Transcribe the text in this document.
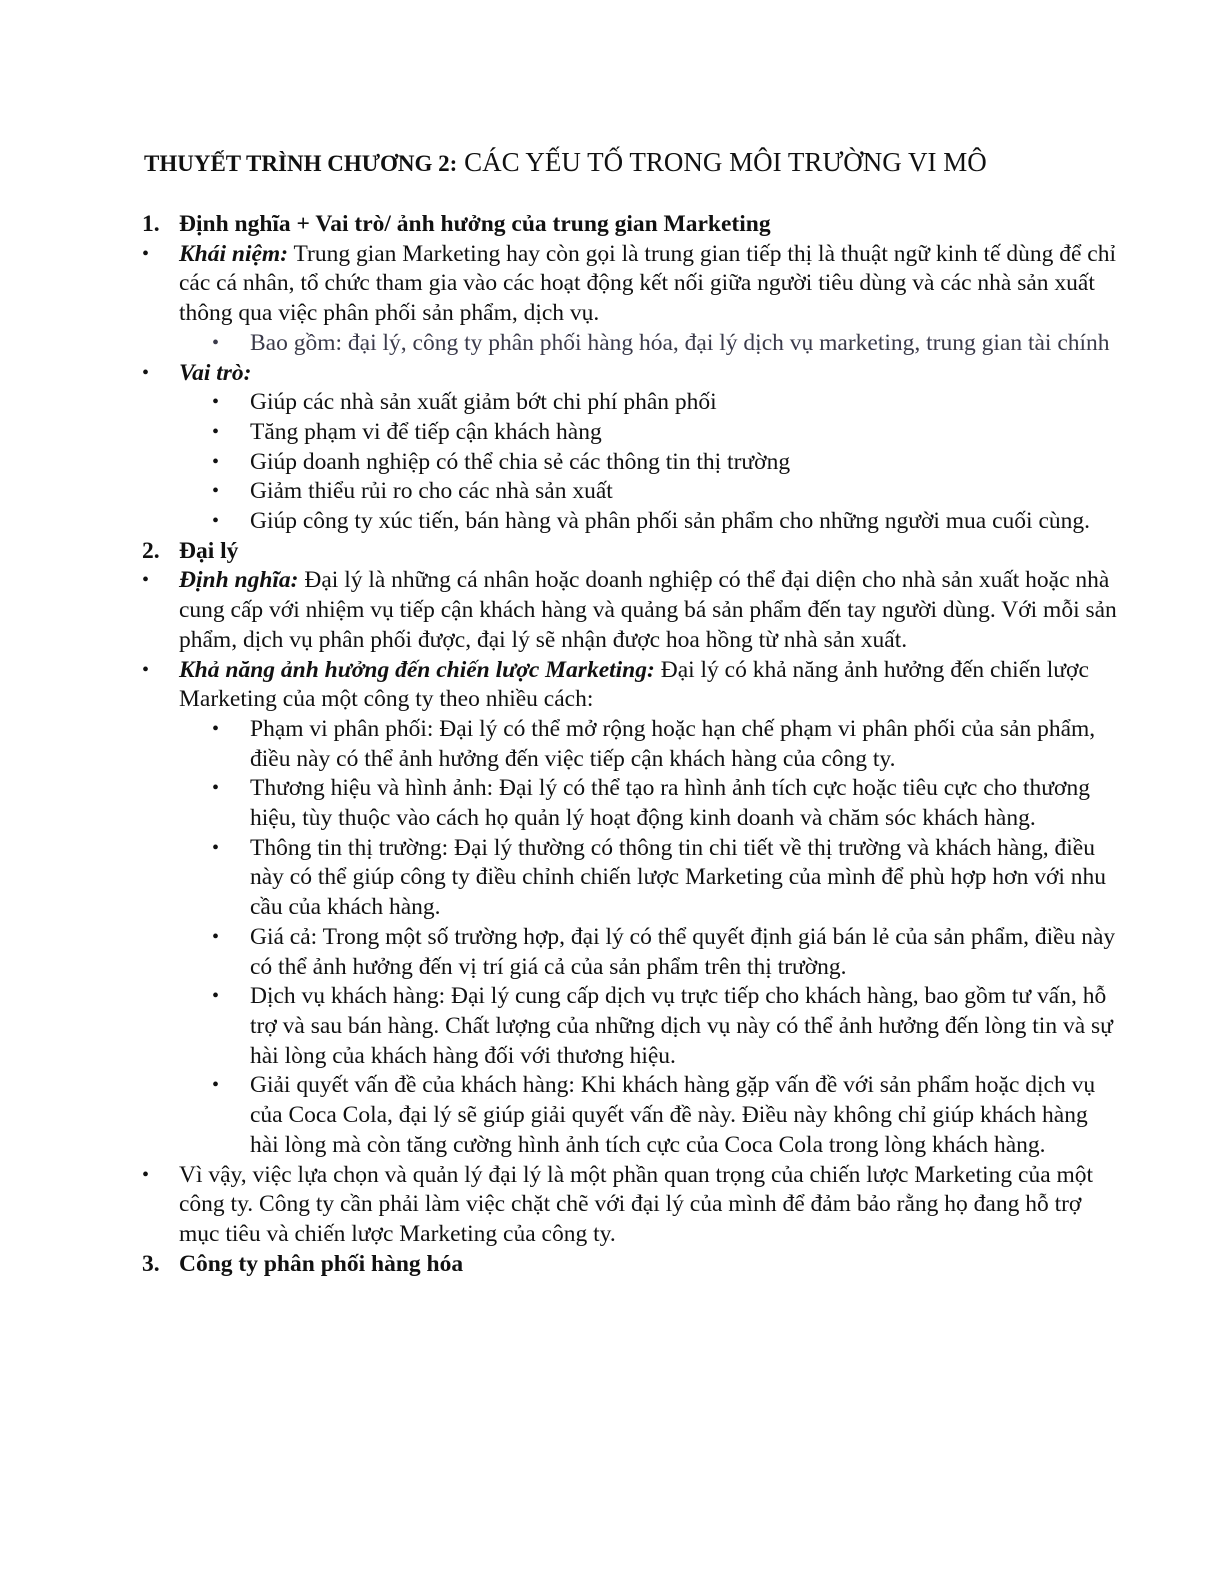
THUYẾT TRÌNH CHƯƠNG 2: CÁC YẾU TỐ TRONG MÔI TRƯỜNG VI MÔ
1. Định nghĩa + Vai trò/ ảnh hưởng của trung gian Marketing
• Khái niệm: Trung gian Marketing hay còn gọi là trung gian tiếp thị là thuật ngữ kinh tế dùng để chỉ các cá nhân, tổ chức tham gia vào các hoạt động kết nối giữa người tiêu dùng và các nhà sản xuất thông qua việc phân phối sản phẩm, dịch vụ.
• Bao gồm: đại lý, công ty phân phối hàng hóa, đại lý dịch vụ marketing, trung gian tài chính
• Vai trò:
• Giúp các nhà sản xuất giảm bớt chi phí phân phối
• Tăng phạm vi để tiếp cận khách hàng
• Giúp doanh nghiệp có thể chia sẻ các thông tin thị trường
• Giảm thiểu rủi ro cho các nhà sản xuất
• Giúp công ty xúc tiến, bán hàng và phân phối sản phẩm cho những người mua cuối cùng.
2. Đại lý
• Định nghĩa: Đại lý là những cá nhân hoặc doanh nghiệp có thể đại diện cho nhà sản xuất hoặc nhà cung cấp với nhiệm vụ tiếp cận khách hàng và quảng bá sản phẩm đến tay người dùng. Với mỗi sản phẩm, dịch vụ phân phối được, đại lý sẽ nhận được hoa hồng từ nhà sản xuất.
• Khả năng ảnh hưởng đến chiến lược Marketing: Đại lý có khả năng ảnh hưởng đến chiến lược Marketing của một công ty theo nhiều cách:
• Phạm vi phân phối: Đại lý có thể mở rộng hoặc hạn chế phạm vi phân phối của sản phẩm, điều này có thể ảnh hưởng đến việc tiếp cận khách hàng của công ty.
• Thương hiệu và hình ảnh: Đại lý có thể tạo ra hình ảnh tích cực hoặc tiêu cực cho thương hiệu, tùy thuộc vào cách họ quản lý hoạt động kinh doanh và chăm sóc khách hàng.
• Thông tin thị trường: Đại lý thường có thông tin chi tiết về thị trường và khách hàng, điều này có thể giúp công ty điều chỉnh chiến lược Marketing của mình để phù hợp hơn với nhu cầu của khách hàng.
• Giá cả: Trong một số trường hợp, đại lý có thể quyết định giá bán lẻ của sản phẩm, điều này có thể ảnh hưởng đến vị trí giá cả của sản phẩm trên thị trường.
• Dịch vụ khách hàng: Đại lý cung cấp dịch vụ trực tiếp cho khách hàng, bao gồm tư vấn, hỗ trợ và sau bán hàng. Chất lượng của những dịch vụ này có thể ảnh hưởng đến lòng tin và sự hài lòng của khách hàng đối với thương hiệu.
• Giải quyết vấn đề của khách hàng: Khi khách hàng gặp vấn đề với sản phẩm hoặc dịch vụ của Coca Cola, đại lý sẽ giúp giải quyết vấn đề này. Điều này không chỉ giúp khách hàng hài lòng mà còn tăng cường hình ảnh tích cực của Coca Cola trong lòng khách hàng.
• Vì vậy, việc lựa chọn và quản lý đại lý là một phần quan trọng của chiến lược Marketing của một công ty. Công ty cần phải làm việc chặt chẽ với đại lý của mình để đảm bảo rằng họ đang hỗ trợ mục tiêu và chiến lược Marketing của công ty.
3. Công ty phân phối hàng hóa
